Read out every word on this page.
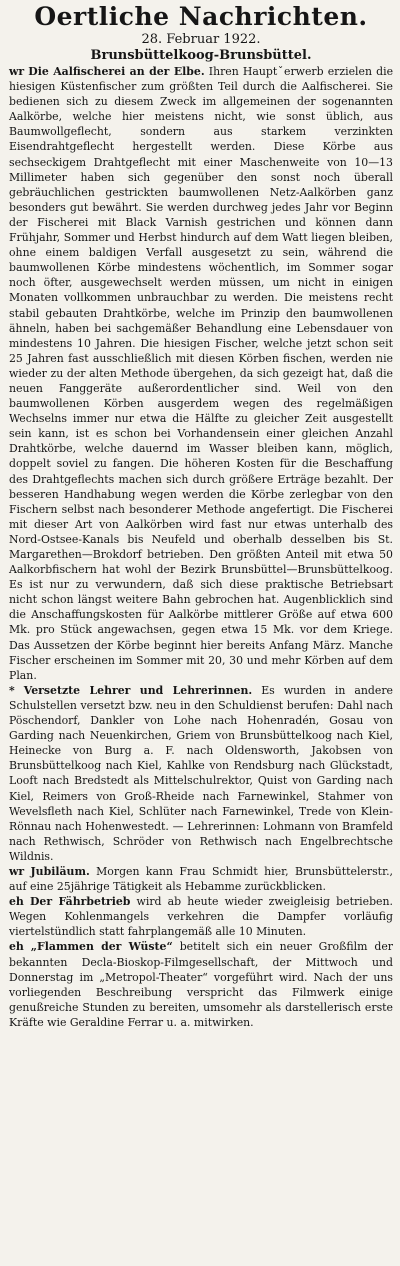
Oertliche Nachrichten.
28. Februar 1922.
Brunsbüttelkoog-Brunsbüttel.

wr Die Aalfischerei an der Elbe. Ihren Hauptˇerwerb erzielen die hiesigen Küstenfischer zum größten Teil durch die Aalfischerei. Sie bedienen sich zu diesem Zweck im allgemeinen der sogenannten Aalkörbe, welche hier meistens nicht, wie sonst üblich, aus Baumwollgeflecht, sondern aus starkem verzinkten Eisendrahtgeflecht hergestellt werden. Diese Körbe aus sechseckigem Drahtgeflecht mit einer Maschenweite von 10—13 Millimeter haben sich gegenüber den sonst noch überall gebräuchlichen gestrickten baumwollenen Netz-Aalkörben ganz besonders gut bewährt. Sie werden durchweg jedes Jahr vor Beginn der Fischerei mit Black Varnish gestrichen und können dann Frühjahr, Sommer und Herbst hindurch auf dem Watt liegen bleiben, ohne einem baldigen Verfall ausgesetzt zu sein, während die baumwollenen Körbe mindestens wöchentlich, im Sommer sogar noch öfter, ausgewechselt werden müssen, um nicht in einigen Monaten vollkommen unbrauchbar zu werden. Die meistens recht stabil gebauten Drahtkörbe, welche im Prinzip den baumwollenen ähneln, haben bei sachgemäßer Behandlung eine Lebensdauer von mindestens 10 Jahren. Die hiesigen Fischer, welche jetzt schon seit 25 Jahren fast ausschließlich mit diesen Körben fischen, werden nie wieder zu der alten Methode übergehen, da sich gezeigt hat, daß die neuen Fanggeräte außerordentlicher sind. Weil von den baumwollenen Körben ausgerdem wegen des regelmäßigen Wechselns immer nur etwa die Hälfte zu gleicher Zeit ausgestellt sein kann, ist es schon bei Vorhandensein einer gleichen Anzahl Drahtkörbe, welche dauernd im Wasser bleiben kann, möglich, doppelt soviel zu fangen. Die höheren Kosten für die Beschaffung des Drahtgeflechts machen sich durch größere Erträge bezahlt. Der besseren Handhabung wegen werden die Körbe zerlegbar von den Fischern selbst nach besonderer Methode angefertigt. Die Fischerei mit dieser Art von Aalkörben wird fast nur etwas unterhalb des Nord-Ostsee-Kanals bis Neufeld und oberhalb desselben bis St. Margarethen—Brokdorf betrieben. Den größten Anteil mit etwa 50 Aalkorbfischern hat wohl der Bezirk Brunsbüttel—Brunsbüttelkoog. Es ist nur zu verwundern, daß sich diese praktische Betriebsart nicht schon längst weitere Bahn gebrochen hat. Augenblicklich sind die Anschaffungskosten für Aalkörbe mittlerer Größe auf etwa 600 Mk. pro Stück angewachsen, gegen etwa 15 Mk. vor dem Kriege. Das Aussetzen der Körbe beginnt hier bereits Anfang März. Manche Fischer erscheinen im Sommer mit 20, 30 und mehr Körben auf dem Plan.

* Versetzte Lehrer und Lehrerinnen. Es wurden in andere Schulstellen versetzt bzw. neu in den Schuldienst berufen: Dahl nach Pöschendorf, Dankler von Lohe nach Hohenradén, Gosau von Garding nach Neuenkirchen, Griem von Brunsbüttelkoog nach Kiel, Heinecke von Burg a. F. nach Oldensworth, Jakobsen von Brunsbüttelkoog nach Kiel, Kahlke von Rendsburg nach Glückstadt, Looft nach Bredstedt als Mittelschulrektor, Quist von Garding nach Kiel, Reimers von Groß-Rheide nach Farnewinkel, Stahmer von Wevelsfleth nach Kiel, Schlüter nach Farnewinkel, Trede von Klein-Rönnau nach Hohenwestedt. — Lehrerinnen: Lohmann von Bramfeld nach Rethwisch, Schröder von Rethwisch nach Engelbrechtsche Wildnis.

wr Jubiläum. Morgen kann Frau Schmidt hier, Brunsbüttelerstr., auf eine 25jährige Tätigkeit als Hebamme zurückblicken.

eh Der Fährbetrieb wird ab heute wieder zweigleisig betrieben. Wegen Kohlenmangels verkehren die Dampfer vorläufig viertelstündlich statt fahrplangemäß alle 10 Minuten.

eh „Flammen der Wüste“ betitelt sich ein neuer Großfilm der bekannten Decla-Bioskop-Filmgesellschaft, der Mittwoch und Donnerstag im „Metropol-Theater“ vorgeführt wird. Nach der uns vorliegenden Beschreibung verspricht das Filmwerk einige genußreiche Stunden zu bereiten, umsomehr als darstellerisch erste Kräfte wie Geraldine Ferrar u. a. mitwirken.
